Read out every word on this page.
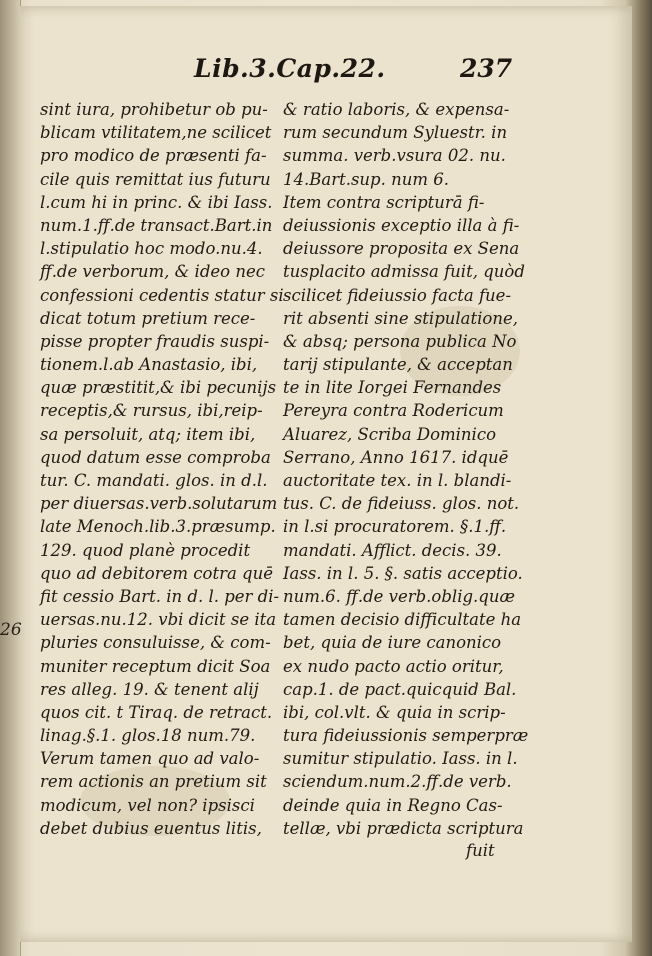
Lib.3.Cap.22.	237
26
sint iura, prohibetur ob pu-
blicam vtilitatem,ne scilicet
pro modico de præsenti fa-
cile quis remittat ius futuru
l.cum hi in princ. & ibi Iass.
num.1.ff.de transact.Bart.in
l.stipulatio hoc modo.nu.4.
ff.de verborum, & ideo nec
confessioni cedentis statur si
dicat totum pretium rece-
pisse propter fraudis suspi-
tionem.l.ab Anastasio, ibi,
quæ præstitit,& ibi pecunijs
receptis,& rursus, ibi,reip-
sa persoluit, atq; item ibi,
quod datum esse comproba
tur. C. mandati. glos. in d.l.
per diuersas.verb.solutarum
late Menoch.lib.3.præsump.
129. quod planè procedit
quo ad debitorem cotra quē
fit cessio Bart. in d. l. per di-
uersas.nu.12. vbi dicit se ita
pluries consuluisse, & com-
muniter receptum dicit Soa
res alleg. 19. & tenent alij
quos cit. t Tiraq. de retract.
linag.§.1. glos.18 num.79.
Verum tamen quo ad valo-
rem actionis an pretium sit
modicum, vel non? ipsisci
debet dubius euentus litis,
& ratio laboris, & expensa-
rum secundum Syluestr. in
summa. verb.vsura 02. nu.
14.Bart.sup. num 6.
Item contra scripturā fi-
deiussionis exceptio illa à fi-
deiussore proposita ex Sena
tusplacito admissa fuit, quòd
scilicet fideiussio facta fue-
rit absenti sine stipulatione,
& absq; persona publica No
tarij stipulante, & acceptan
te in lite Iorgei Fernandes
Pereyra contra Rodericum
Aluarez, Scriba Dominico
Serrano, Anno 1617. idquē
auctoritate tex. in l. blandi-
tus. C. de fideiuss. glos. not.
in l.si procuratorem. §.1.ff.
mandati. Afflict. decis. 39.
Iass. in l. 5. §. satis acceptio.
num.6. ff.de verb.oblig.quæ
tamen decisio difficultate ha
bet, quia de iure canonico
ex nudo pacto actio oritur,
cap.1. de pact.quicquid Bal.
ibi, col.vlt. & quia in scrip-
tura fideiussionis semperpræ
sumitur stipulatio. Iass. in l.
sciendum.num.2.ff.de verb.
deinde quia in Regno Cas-
tellæ, vbi prædicta scriptura
fuit
